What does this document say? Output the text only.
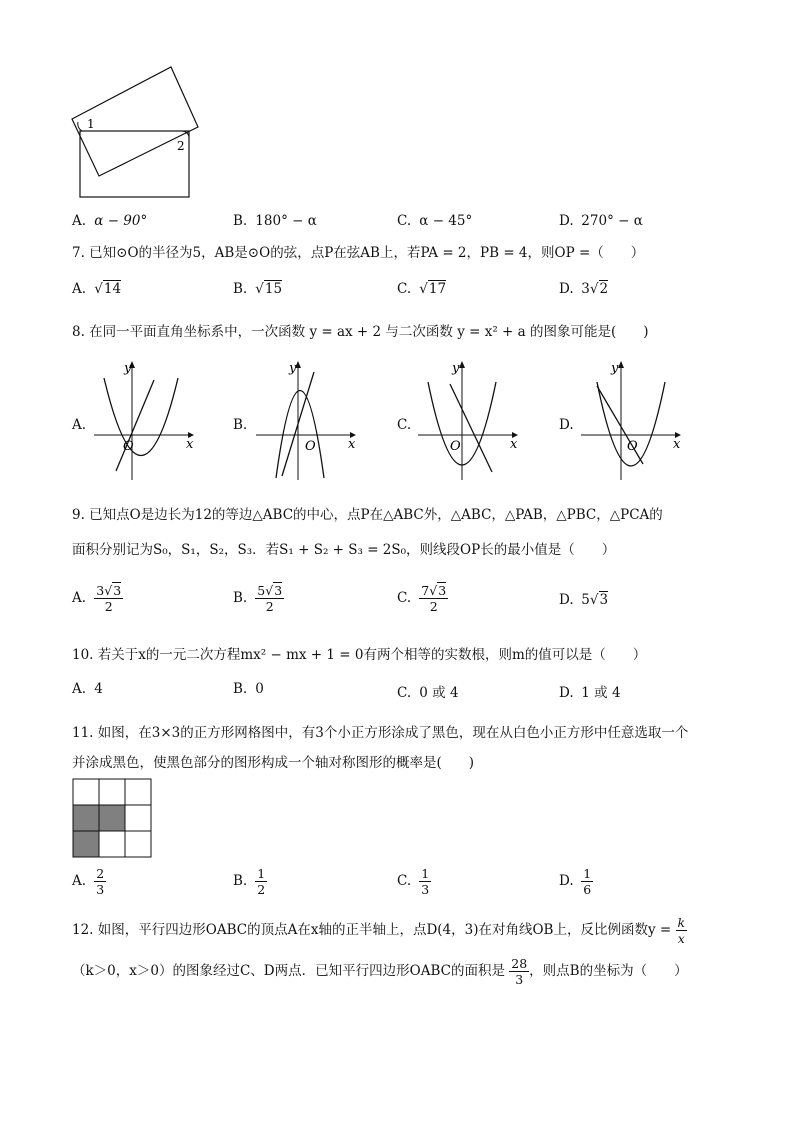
1
2
A. α − 90°	B. 180° − α	C. α − 45°	D. 270° − α
7. 已知⊙O的半径为5，AB是⊙O的弦，点P在弦AB上，若PA = 2，PB = 4，则OP =（　　）
A. √14	B. √15	C. √17	D. 3√2
8. 在同一平面直角坐标系中，一次函数 y = ax + 2 与二次函数 y = x² + a 的图象可能是(　　)
A.
x
y
O
B.
x
y
O
C.
x
y
O
D.
x
y
O
9. 已知点O是边长为12的等边△ABC的中心，点P在△ABC外，△ABC，△PAB，△PBC，△PCA的
面积分别记为S₀，S₁，S₂，S₃．若S₁ + S₂ + S₃ = 2S₀，则线段OP长的最小值是（　　）
A. $\frac{3√3}{2}$	B. $\frac{5√3}{2}$	C. $\frac{7√3}{2}$	D. 5√3
10. 若关于x的一元二次方程mx² − mx + 1 = 0有两个相等的实数根，则m的值可以是（　　）
A. 4	B. 0	C. 0 或 4	D. 1 或 4
11. 如图，在3×3的正方形网格图中，有3个小正方形涂成了黑色，现在从白色小正方形中任意选取一个
并涂成黑色，使黑色部分的图形构成一个轴对称图形的概率是(　　)
A. $\frac{2}{3}$	B. $\frac{1}{2}$	C. $\frac{1}{3}$	D. $\frac{1}{6}$
12. 如图，平行四边形OABC的顶点A在x轴的正半轴上，点D(4，3)在对角线OB上，反比例函数$y = \frac{k}{x}$
（k＞0，x＞0）的图象经过C、D两点．已知平行四边形OABC的面积是 $\frac{28}{3}$ ，则点B的坐标为（　　）
